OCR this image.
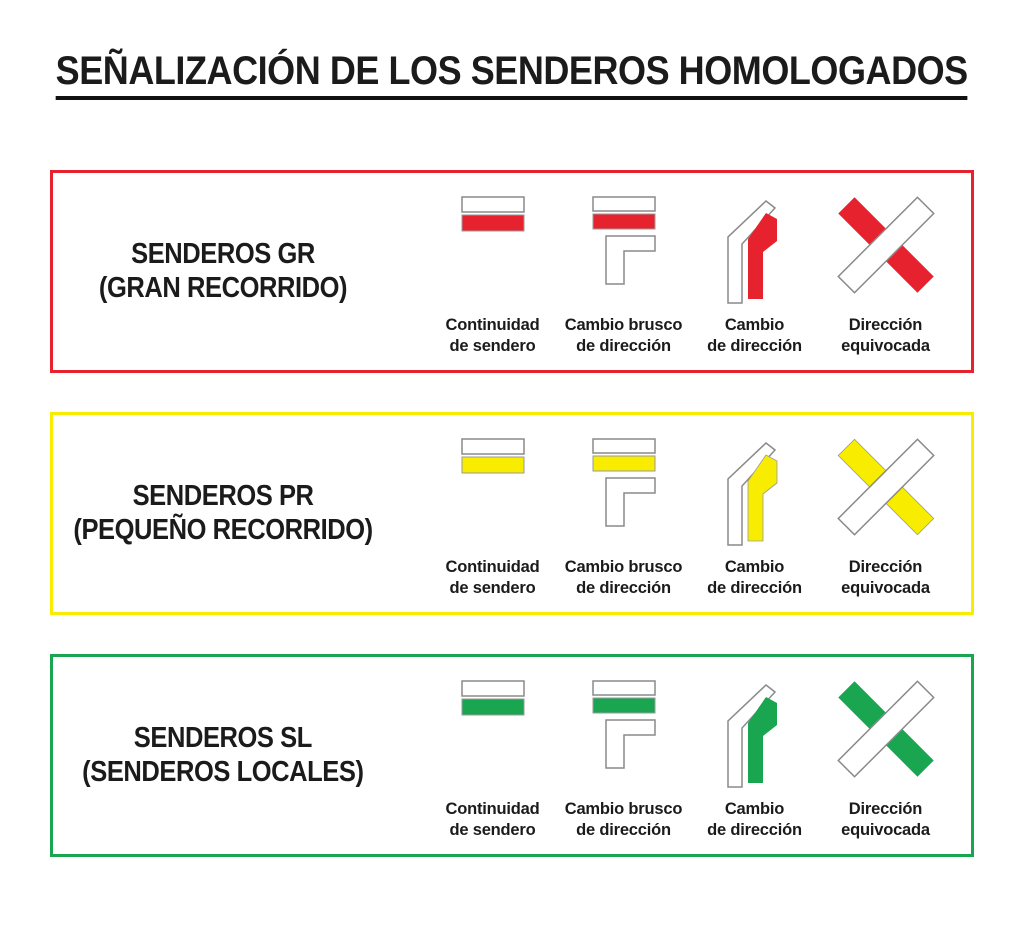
SEÑALIZACIÓN DE LOS SENDEROS HOMOLOGADOS
SENDEROS GR
(GRAN RECORRIDO)
Continuidad
de sendero
Cambio brusco
de dirección
Cambio
de dirección
Dirección
equivocada
SENDEROS PR
(PEQUEÑO RECORRIDO)
Continuidad
de sendero
Cambio brusco
de dirección
Cambio
de dirección
Dirección
equivocada
SENDEROS SL
(SENDEROS LOCALES)
Continuidad
de sendero
Cambio brusco
de dirección
Cambio
de dirección
Dirección
equivocada
